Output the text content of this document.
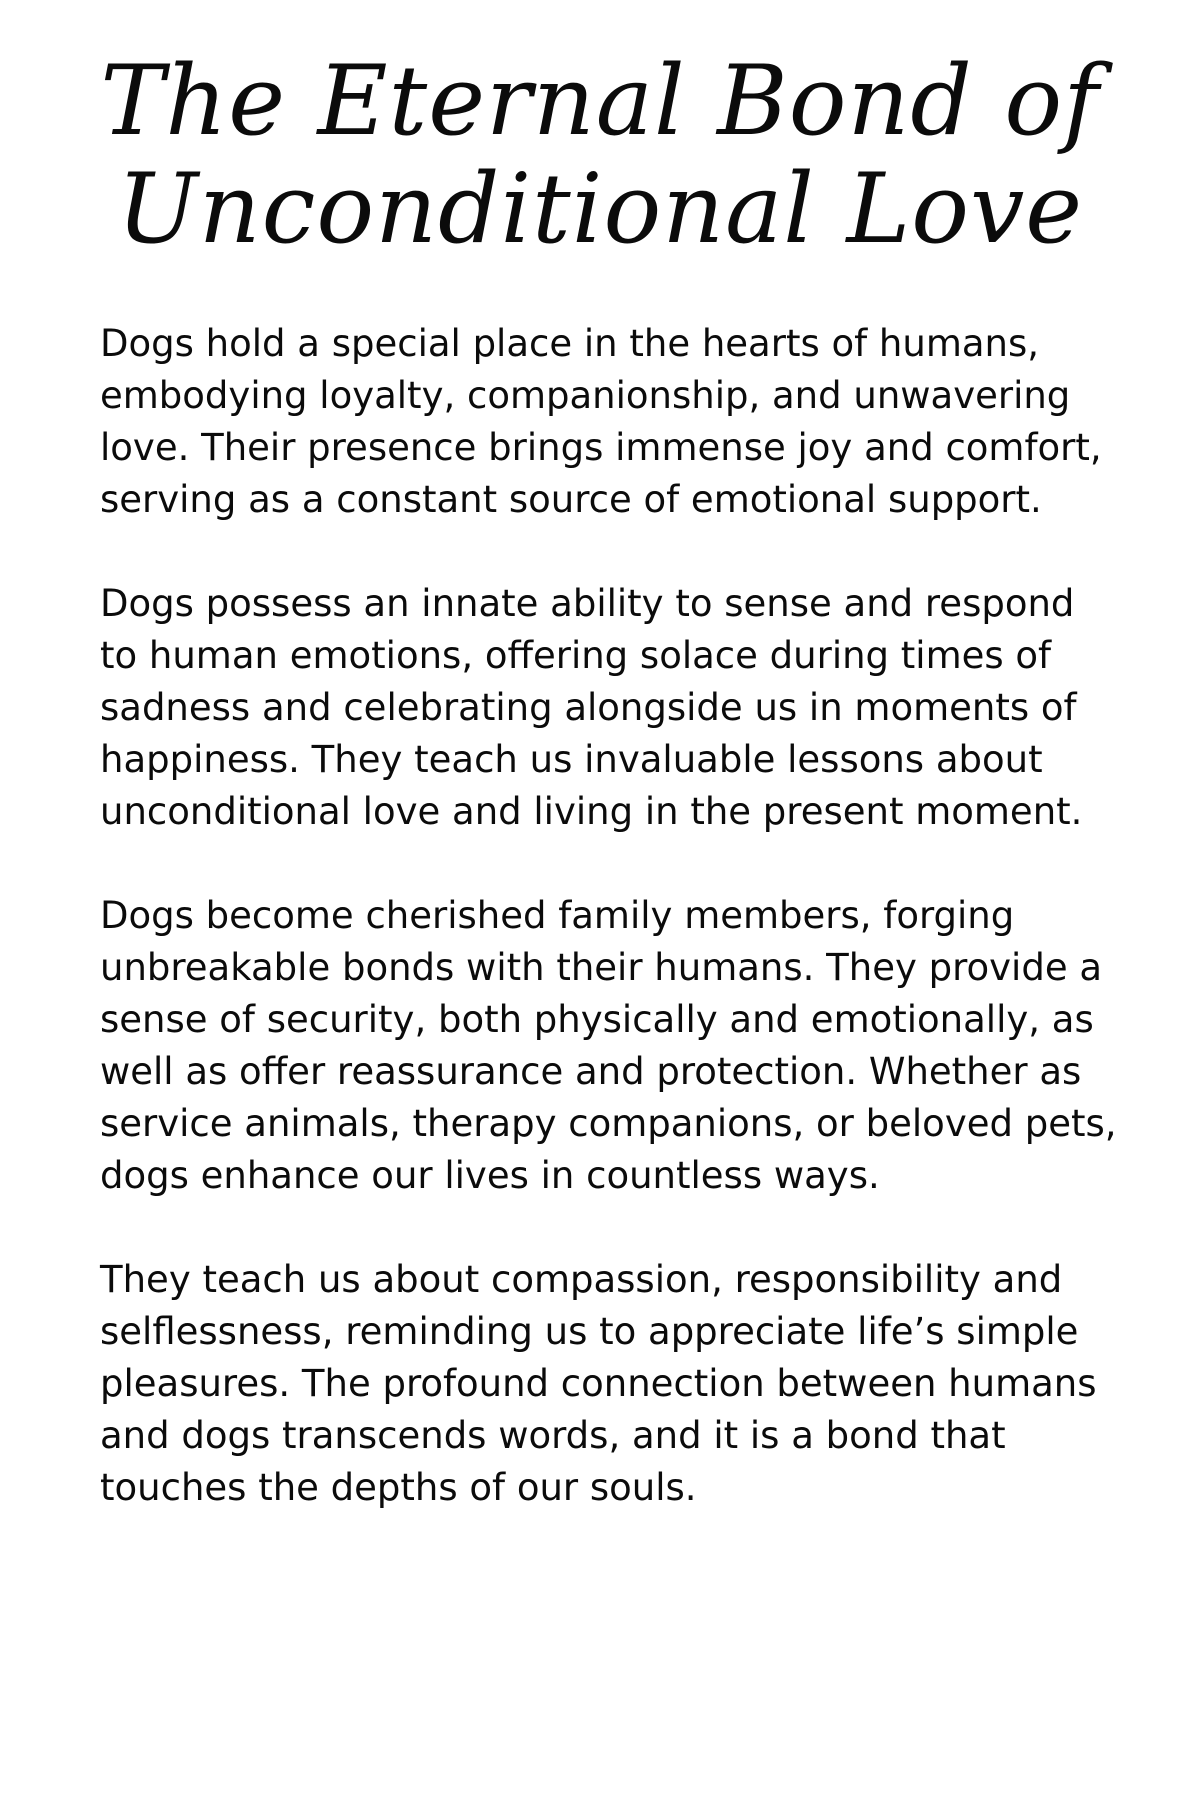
The Eternal Bond of
Unconditional Love

Dogs hold a special place in the hearts of humans, embodying loyalty, companionship, and unwavering love. Their presence brings immense joy and comfort, serving as a constant source of emotional support.

Dogs possess an innate ability to sense and respond to human emotions, offering solace during times of sadness and celebrating alongside us in moments of happiness. They teach us invaluable lessons about unconditional love and living in the present moment.

Dogs become cherished family members, forging unbreakable bonds with their humans. They provide a sense of security, both physically and emotionally, as well as offer reassurance and protection. Whether as service animals, therapy companions, or beloved pets, dogs enhance our lives in countless ways.

They teach us about compassion, responsibility and selflessness, reminding us to appreciate life’s simple pleasures. The profound connection between humans and dogs transcends words, and it is a bond that touches the depths of our souls.
